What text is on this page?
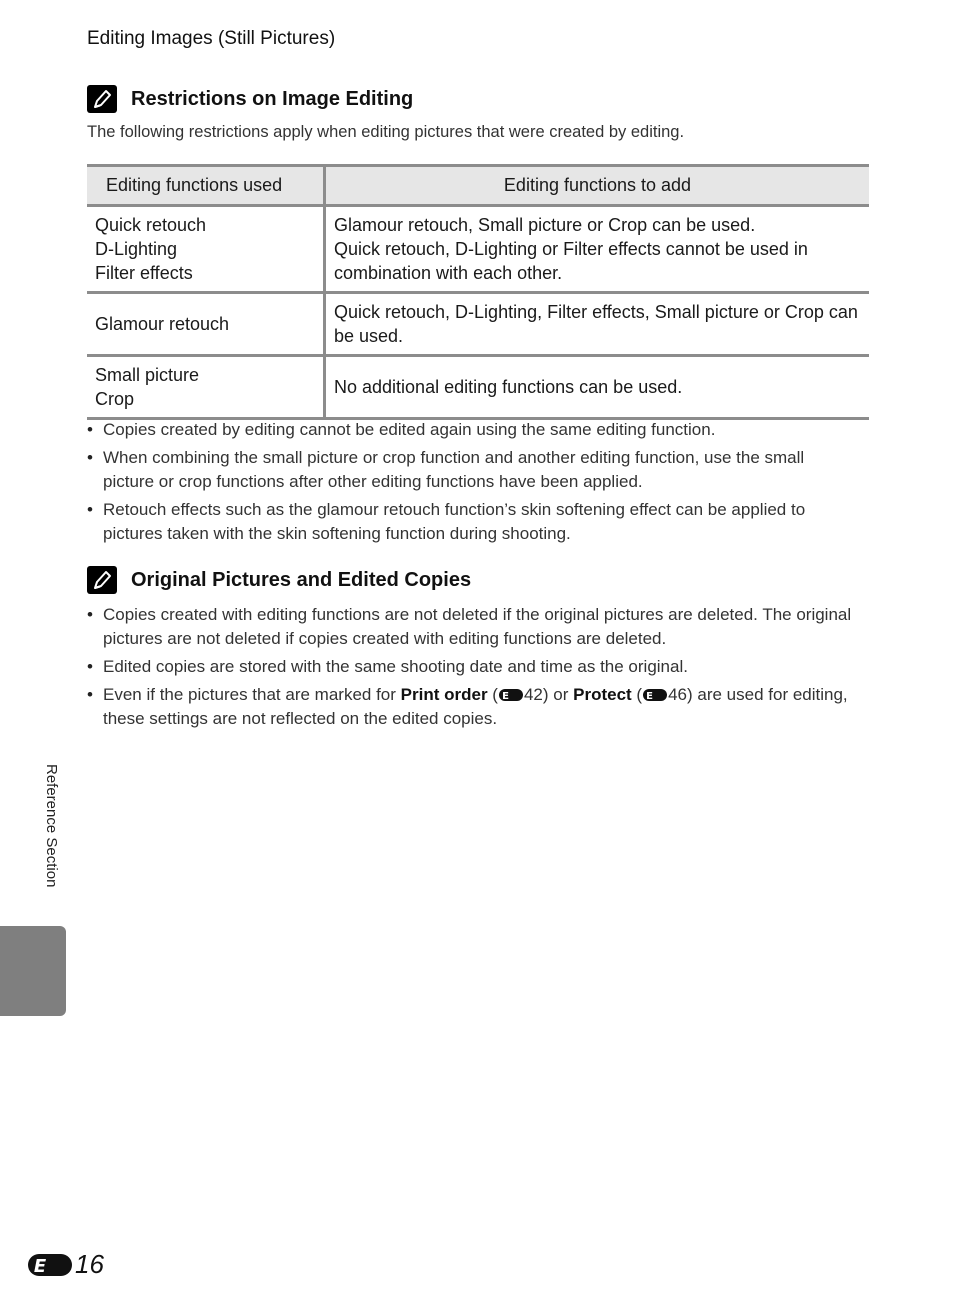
Editing Images (Still Pictures)
Restrictions on Image Editing
The following restrictions apply when editing pictures that were created by editing.
Editing functions used	Editing functions to add
Quick retouch
D-Lighting
Filter effects	Glamour retouch, Small picture or Crop can be used.
Quick retouch, D-Lighting or Filter effects cannot be used in combination with each other.
Glamour retouch	Quick retouch, D-Lighting, Filter effects, Small picture or Crop can be used.
Small picture
Crop	No additional editing functions can be used.
• Copies created by editing cannot be edited again using the same editing function.
• When combining the small picture or crop function and another editing function, use the small picture or crop functions after other editing functions have been applied.
• Retouch effects such as the glamour retouch function’s skin softening effect can be applied to pictures taken with the skin softening function during shooting.
Original Pictures and Edited Copies
• Copies created with editing functions are not deleted if the original pictures are deleted. The original pictures are not deleted if copies created with editing functions are deleted.
• Edited copies are stored with the same shooting date and time as the original.
• Even if the pictures that are marked for Print order ( E 42) or Protect ( E 46) are used for editing, these settings are not reflected on the edited copies.
Reference Section
E 16
